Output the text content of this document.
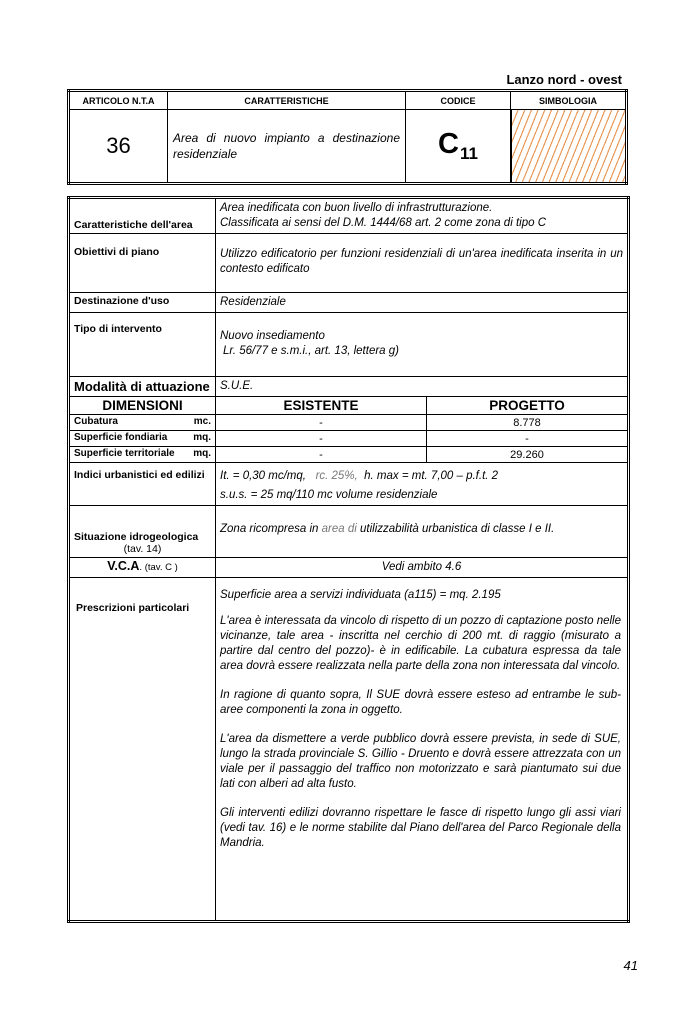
Lanzo nord - ovest
ARTICOLO N.T.A	CARATTERISTICHE	CODICE	SIMBOLOGIA
36	Area di nuovo impianto a destinazione residenziale	$C_{11}$	
Caratteristiche dell'area	Area inedificata con buon livello di infrastrutturazione.
Classificata ai sensi del D.M. 1444/68 art. 2 come zona di tipo C	

Obiettivi di piano	Utilizzo edificatorio per funzioni residenziali di un'area inedificata inserita in un contesto edificato	
Destinazione d'uso	Residenziale	
Tipo di intervento	Nuovo insediamento
Lr. 56/77 e s.m.i., art. 13, lettera g)	

Modalità di attuazione	S.U.E.	
DIMENSIONI	ESISTENTE	PROGETTO
Cubatura mc.	-	8.778
Superficie fondiaria mq.	-	-
Superficie territoriale mq.	-	29.260
Indici urbanistici ed edilizi	It. = 0,30 mc/mq, rc. 25%, h. max = mt. 7,00 – p.f.t. 2
s.u.s. = 25 mq/110 mc volume residenziale	

Situazione idrogeologica
(tav. 14)	Zona ricompresa in area di utilizzabilità urbanistica di classe I e II.	
V.C.A. (tav. C )	Vedi ambito 4.6	
Prescrizioni particolari	Superficie area a servizi individuata (a115) = mq. 2.195

L'area è interessata da vincolo di rispetto di un pozzo di captazione posto nelle vicinanze, tale area - inscritta nel cerchio di 200 mt. di raggio (misurato a partire dal centro del pozzo)- è in edificabile. La cubatura espressa da tale area dovrà essere realizzata nella parte della zona non interessata dal vincolo.

In ragione di quanto sopra, Il SUE dovrà essere esteso ad entrambe le sub-aree componenti la zona in oggetto.

L'area da dismettere a verde pubblico dovrà essere prevista, in sede di SUE, lungo la strada provinciale S. Gillio - Druento e dovrà essere attrezzata con un viale per il passaggio del traffico non motorizzato e sarà piantumato sui due lati con alberi ad alta fusto.

Gli interventi edilizi dovranno rispettare le fasce di rispetto lungo gli assi viari (vedi tav. 16) e le norme stabilite dal Piano dell'area del Parco Regionale della Mandria.	

41
